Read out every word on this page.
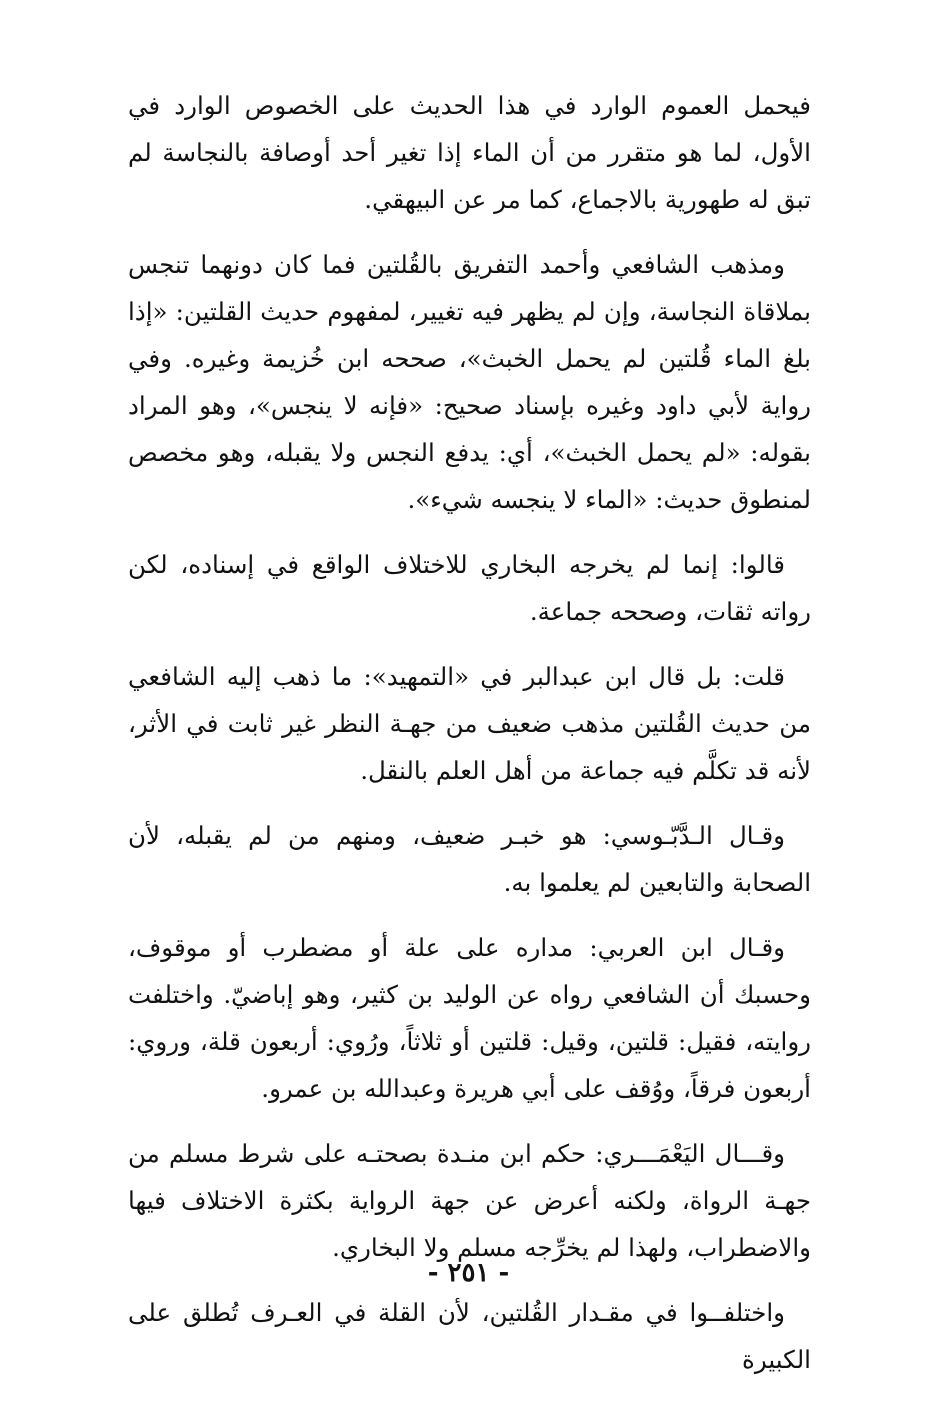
فيحمل العموم الوارد في هذا الحديث على الخصوص الوارد في الأول، لما هو متقرر من أن الماء إذا تغير أحد أوصافة بالنجاسة لم تبق له طهورية بالاجماع، كما مر عن البيهقي.

ومذهب الشافعي وأحمد التفريق بالقُلتين فما كان دونهما تنجس بملاقاة النجاسة، وإن لم يظهر فيه تغيير، لمفهوم حديث القلتين: «إذا بلغ الماء قُلتين لم يحمل الخبث»، صححه ابن خُزيمة وغيره. وفي رواية لأبي داود وغيره بإسناد صحيح: «فإنه لا ينجس»، وهو المراد بقوله: «لم يحمل الخبث»، أي: يدفع النجس ولا يقبله، وهو مخصص لمنطوق حديث: «الماء لا ينجسه شيء».

قالوا: إنما لم يخرجه البخاري للاختلاف الواقع في إسناده، لكن رواته ثقات، وصححه جماعة.

قلت: بل قال ابن عبدالبر في «التمهيد»: ما ذهب إليه الشافعي من حديث القُلتين مذهب ضعيف من جهـة النظر غير ثابت في الأثر، لأنه قد تكلَّم فيه جماعة من أهل العلم بالنقل.

وقـال الـدَّبّـوسي: هو خبـر ضعيف، ومنهم من لم يقبله، لأن الصحابة والتابعين لم يعلموا به.

وقـال ابن العربي: مداره على علة أو مضطرب أو موقوف، وحسبك أن الشافعي رواه عن الوليد بن كثير، وهو إباضيّ. واختلفت روايته، فقيل: قلتين، وقيل: قلتين أو ثلاثاً، ورُوي: أربعون قلة، وروي: أربعون فرقاً، ووُقف على أبي هريرة وعبدالله بن عمرو.

وقـــال اليَعْمَـــري: حكم ابن منـدة بصحتـه على شرط مسلم من جهـة الرواة، ولكنه أعرض عن جهة الرواية بكثرة الاختلاف فيها والاضطراب، ولهذا لم يخرِّجه مسلم ولا البخاري.

واختلفــوا في مقـدار القُلتين، لأن القلة في العـرف تُطلق على الكبيرة

- ٢٥١ -
